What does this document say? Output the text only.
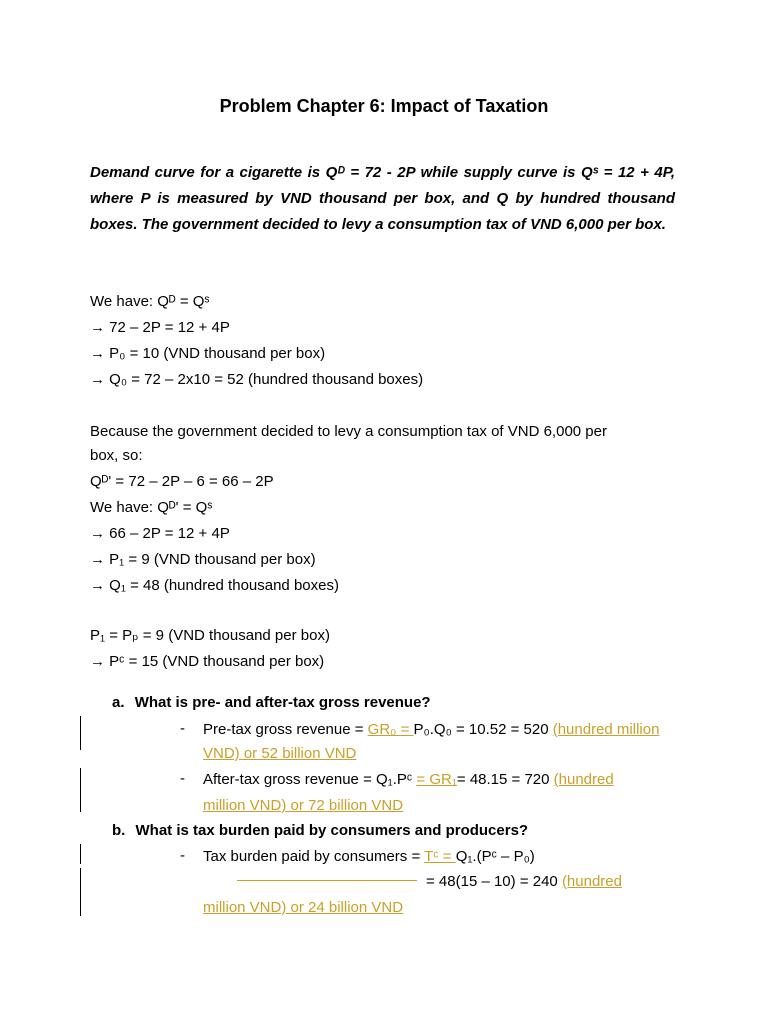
Problem Chapter 6: Impact of Taxation
Demand curve for a cigarette is Qᴰ = 72 - 2P while supply curve is Qˢ = 12 + 4P, where P is measured by VND thousand per box, and Q by hundred thousand boxes. The government decided to levy a consumption tax of VND 6,000 per box.
We have: Qᴰ = Qˢ
→ 72 – 2P = 12 + 4P
→ P₀ = 10 (VND thousand per box)
→ Q₀ = 72 – 2x10 = 52 (hundred thousand boxes)
Because the government decided to levy a consumption tax of VND 6,000 per
box, so:
Qᴰ' = 72 – 2P – 6 = 66 – 2P
We have: Qᴰ' = Qˢ
→ 66 – 2P = 12 + 4P
→ P₁ = 9 (VND thousand per box)
→ Q₁ = 48 (hundred thousand boxes)
P₁ = Pₚ = 9 (VND thousand per box)
→ Pᶜ = 15 (VND thousand per box)
a. What is pre- and after-tax gross revenue?
- Pre-tax gross revenue = GR₀ = P₀.Q₀ = 10.52 = 520 (hundred million
VND) or 52 billion VND
- After-tax gross revenue = Q₁.Pᶜ = GR₁= 48.15 = 720 (hundred
million VND) or 72 billion VND
b. What is tax burden paid by consumers and producers?
- Tax burden paid by consumers = Tᶜ = Q₁.(Pᶜ – P₀)
= 48(15 – 10) = 240 (hundred
million VND) or 24 billion VND
